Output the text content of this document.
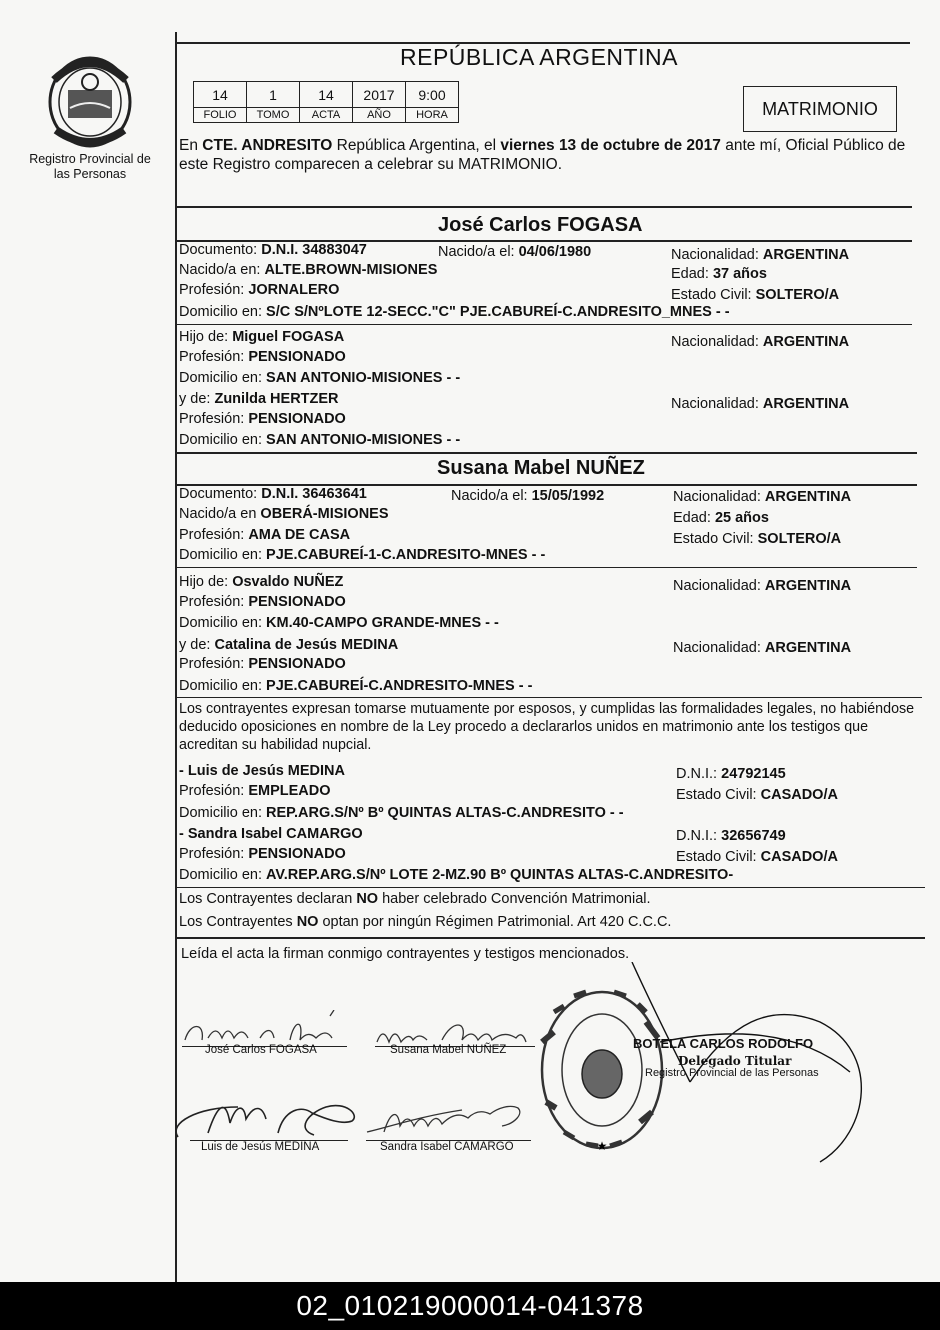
Registro Provincial de las Personas
REPÚBLICA ARGENTINA
14	1	14	2017	9:00
FOLIO	TOMO	ACTA	AÑO	HORA	MATRIMONIO
En CTE. ANDRESITO República Argentina, el viernes 13 de octubre de 2017 ante mí, Oficial Público de este Registro comparecen a celebrar su MATRIMONIO.
José Carlos FOGASA
Documento: D.N.I. 34883047	Nacido/a el: 04/06/1980	Nacionalidad: ARGENTINA
Nacido/a en: ALTE.BROWN-MISIONES	Edad: 37 años
Profesión: JORNALERO	Estado Civil: SOLTERO/A
Domicilio en: S/C S/NºLOTE 12-SECC."C" PJE.CABUREÍ-C.ANDRESITO_MNES - -
Hijo de: Miguel FOGASA	Nacionalidad: ARGENTINA
Profesión: PENSIONADO
Domicilio en: SAN ANTONIO-MISIONES - -
y de: Zunilda HERTZER	Nacionalidad: ARGENTINA
Profesión: PENSIONADO
Domicilio en: SAN ANTONIO-MISIONES - -
Susana Mabel NUÑEZ
Documento: D.N.I. 36463641	Nacido/a el: 15/05/1992	Nacionalidad: ARGENTINA
Nacido/a en OBERÁ-MISIONES	Edad: 25 años
Profesión: AMA DE CASA	Estado Civil: SOLTERO/A
Domicilio en: PJE.CABUREÍ-1-C.ANDRESITO-MNES - -
Hijo de: Osvaldo NUÑEZ	Nacionalidad: ARGENTINA
Profesión: PENSIONADO
Domicilio en: KM.40-CAMPO GRANDE-MNES - -
y de: Catalina de Jesús MEDINA	Nacionalidad: ARGENTINA
Profesión: PENSIONADO
Domicilio en: PJE.CABUREÍ-C.ANDRESITO-MNES - -
Los contrayentes expresan tomarse mutuamente por esposos, y cumplidas las formalidades legales, no habiéndose deducido oposiciones en nombre de la Ley procedo a declararlos unidos en matrimonio ante los testigos que acreditan su habilidad nupcial.
- Luis de Jesús MEDINA	D.N.I.: 24792145
Profesión: EMPLEADO	Estado Civil: CASADO/A
Domicilio en: REP.ARG.S/Nº Bº QUINTAS ALTAS-C.ANDRESITO - -
- Sandra Isabel CAMARGO	D.N.I.: 32656749
Profesión: PENSIONADO	Estado Civil: CASADO/A
Domicilio en: AV.REP.ARG.S/Nº LOTE 2-MZ.90 Bº QUINTAS ALTAS-C.ANDRESITO-
Los Contrayentes declaran NO haber celebrado Convención Matrimonial.
Los Contrayentes NO optan por ningún Régimen Patrimonial. Art 420 C.C.C.
Leída el acta la firman conmigo contrayentes y testigos mencionados.
José Carlos FOGASA	Susana Mabel NUÑEZ
Luis de Jesús MEDINA	Sandra Isabel CAMARGO	★
BOTELA CARLOS RODOLFO
Delegado Titular
Registro Provincial de las Personas
02_010219000014-041378
